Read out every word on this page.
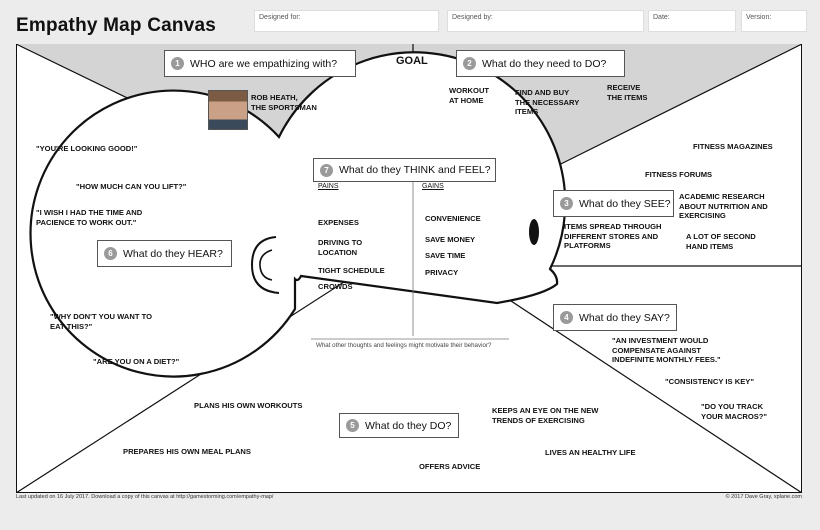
Empathy Map Canvas	Designed for:	Designed by:	Date:	Version:
1 WHO are we empathizing with?	2 What do they need to DO?
3 What do they SEE?
4 What do they SAY?
5 What do they DO?
6 What do they HEAR?
7 What do they THINK and FEEL?
GOAL
ROB HEATH,
THE SPORTSMAN
WORKOUT
AT HOME
FIND AND BUY
THE NECESSARY
ITEMS
RECEIVE
THE ITEMS
FITNESS MAGAZINES
FITNESS FORUMS
ACADEMIC RESEARCH
ABOUT NUTRITION AND
EXERCISING
ITEMS SPREAD THROUGH
DIFFERENT STORES AND
PLATFORMS
A LOT OF SECOND
HAND ITEMS
"AN INVESTMENT WOULD
COMPENSATE AGAINST
INDEFINITE MONTHLY FEES."
"CONSISTENCY IS KEY"
"DO YOU TRACK
YOUR MACROS?"
"YOU'RE LOOKING GOOD!"
"HOW MUCH CAN YOU LIFT?"
"I WISH I HAD THE TIME AND
PACIENCE TO WORK OUT."
"WHY DON'T YOU WANT TO
EAT THIS?"
"ARE YOU ON A DIET?"
PLANS HIS OWN WORKOUTS
PREPARES HIS OWN MEAL PLANS
OFFERS ADVICE
KEEPS AN EYE ON THE NEW
TRENDS OF EXERCISING
LIVES AN HEALTHY LIFE
PAINS	GAINS
EXPENSES
DRIVING TO
LOCATION
TIGHT SCHEDULE
CROWDS
CONVENIENCE
SAVE MONEY
SAVE TIME
PRIVACY
What other thoughts and feelings might motivate their behavior?
Last updated on 16 July 2017. Download a copy of this canvas at http://gamestorming.com/empathy-map/	© 2017 Dave Gray, xplane.com
